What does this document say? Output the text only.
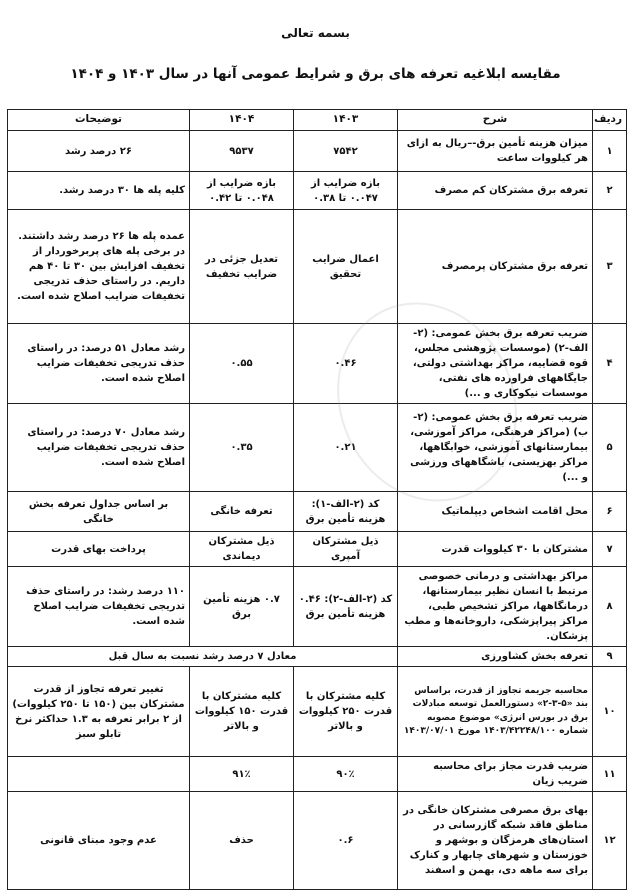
بسمه تعالی
مقایسه ابلاغیه تعرفه های برق و شرایط عمومی آنها در سال ۱۴۰۳ و ۱۴۰۴
ردیف	شرح	۱۴۰۳	۱۴۰۴	توضیحات
۱	میزان هزینه تأمین برق-–ریال به ازای هر کیلووات ساعت	۷۵۴۲	۹۵۳۷	۲۶ درصد رشد
۲	تعرفه برق مشترکان کم مصرف	بازه ضرایب از ۰.۰۴۷ تا ۰.۳۸	بازه ضرایب از ۰.۰۴۸ تا ۰.۴۲	کلیه پله ها ۳۰ درصد رشد.
۳	تعرفه برق مشترکان پرمصرف	اعمال ضرایب تحقیق	تعدیل جزئی در ضرایب تخفیف	عمده پله ها ۲۶ درصد رشد داشتند. در برخی پله های پربرخوردار از تخفیف افزایش بین ۳۰ تا ۴۰ هم داریم. در راستای حذف تدریجی تخفیفات ضرایب اصلاح شده است.
۴	ضریب تعرفه برق بخش عمومی: (۲-الف-۲) (موسسات پژوهشی مجلس، قوه قضاییه، مراکز بهداشتی دولتی، جایگاههای فراورده های نفتی، موسسات نیکوکاری و ...)	۰.۴۶	۰.۵۵	رشد معادل ۵۱ درصد: در راستای حذف تدریجی تخفیفات ضرایب اصلاح شده است.
۵	ضریب تعرفه برق بخش عمومی: (۲-ب) (مراکز فرهنگی، مراکز آموزشی، بیمارستانهای آموزشی، خوابگاهها، مراکز بهزیستی، باشگاههای ورزشی و ...)	۰.۲۱	۰.۳۵	رشد معادل ۷۰ درصد: در راستای حذف تدریجی تخفیفات ضرایب اصلاح شده است.
۶	محل اقامت اشخاص دیپلماتیک	کد (۲-الف-۱): هزینه تأمین برق	تعرفه خانگی	بر اساس جداول تعرفه بخش خانگی
۷	مشترکان با ۳۰ کیلووات قدرت	ذیل مشترکان آمپری	ذیل مشترکان دیماندی	پرداخت بهای قدرت
۸	مراکز بهداشتی و درمانی خصوصی مرتبط با انسان نظیر بیمارستانها، درمانگاهها، مراکز تشخیص طبی، مراکز پیراپزشکی، داروخانه‌ها و مطب پزشکان.	کد (۲-الف-۲): ۰.۴۶ هزینه تأمین برق	۰.۷ هزینه تأمین برق	۱۱۰ درصد رشد: در راستای حذف تدریجی تخفیفات ضرایب اصلاح شده است.
۹	تعرفه بخش کشاورزی	معادل ۷ درصد رشد نسبت به سال قبل		
۱۰	محاسبه جریمه تجاوز از قدرت، براساس بند «۵-۳-۲» دستورالعمل توسعه مبادلات برق در بورس انرژی» موضوع مصوبه شماره ۱۴۰۳/۴۲۲۴۸/۱۰۰ مورخ ۱۴۰۳/۰۷/۰۱	کلیه مشترکان با قدرت ۲۵۰ کیلووات و بالاتر	کلیه مشترکان با قدرت ۱۵۰ کیلووات و بالاتر	تغییر تعرفه تجاوز از قدرت مشترکان بین (۱۵۰ تا ۲۵۰ کیلووات) از ۲ برابر تعرفه به ۱.۳ حداکثر نرخ تابلو سبز
۱۱	ضریب قدرت مجاز برای محاسبه ضریب زیان	۹۰٪	۹۱٪	
۱۲	بهای برق مصرفی مشترکان خانگی در مناطق فاقد شبکه گازرسانی در استان‌های هرمزگان و بوشهر و خوزستان و شهرهای چابهار و کنارک برای سه ماهه دی، بهمن و اسفند	۰.۶	حذف	عدم وجود مبنای قانونی
